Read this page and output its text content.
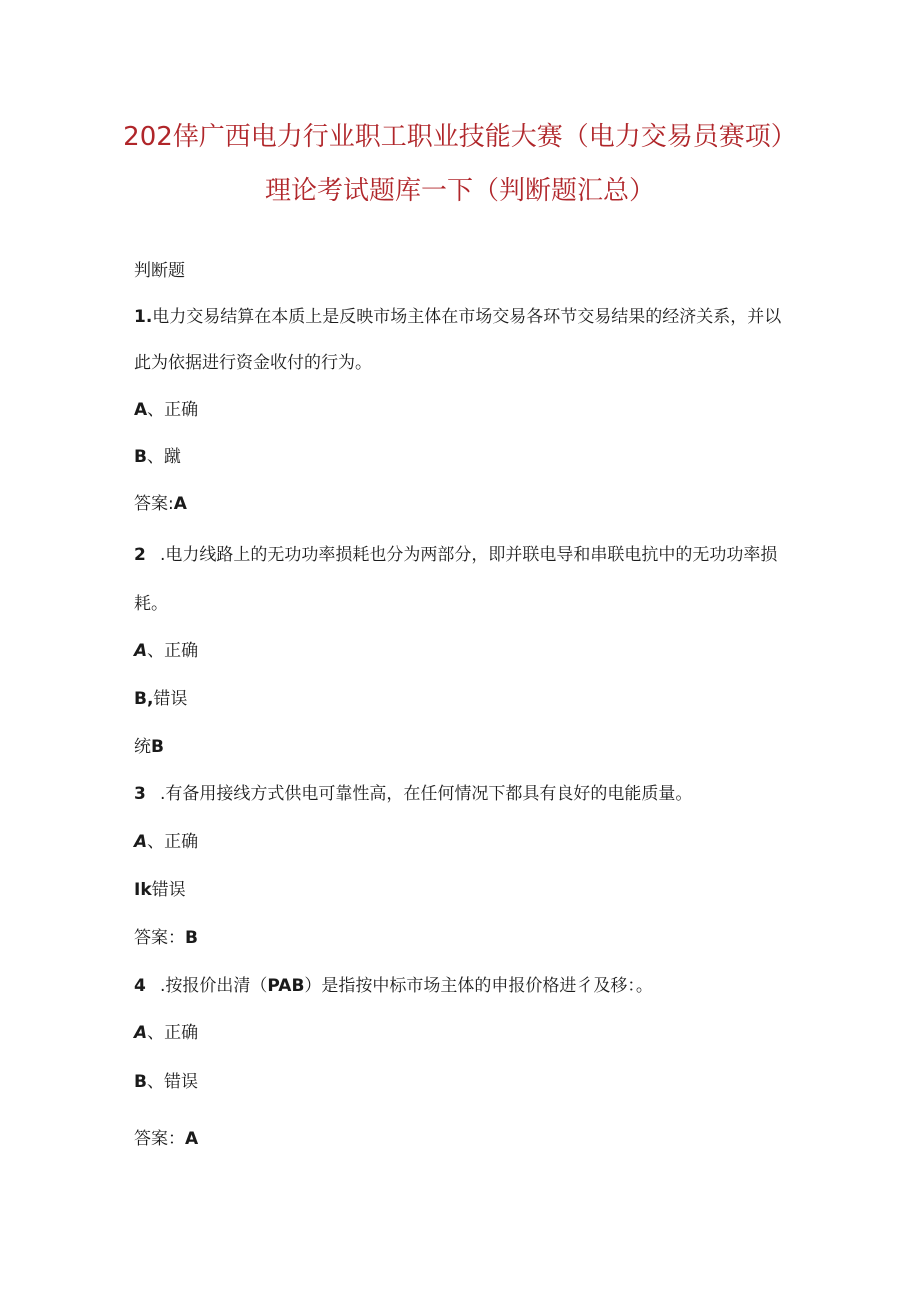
202倖广西电力行业职工职业技能大赛（电力交易员赛项）
理论考试题库一下（判断题汇总）
判断题
1.电力交易结算在本质上是反映市场主体在市场交易各环节交易结果的经济关系，并以
此为依据进行资金收付的行为。
A、正确
B、蹴
答案:A
2 .电力线路上的无功功率损耗也分为两部分，即并联电导和串联电抗中的无功功率损
耗。
A、正确
B,错误
统B
3 .有备用接线方式供电可靠性高，在任何情况下都具有良好的电能质量。
A、正确
Ik错误
答案：B
4 .按报价出清（PAB）是指按中标市场主体的申报价格进彳及移：。
A、正确
B、错误
答案：A
